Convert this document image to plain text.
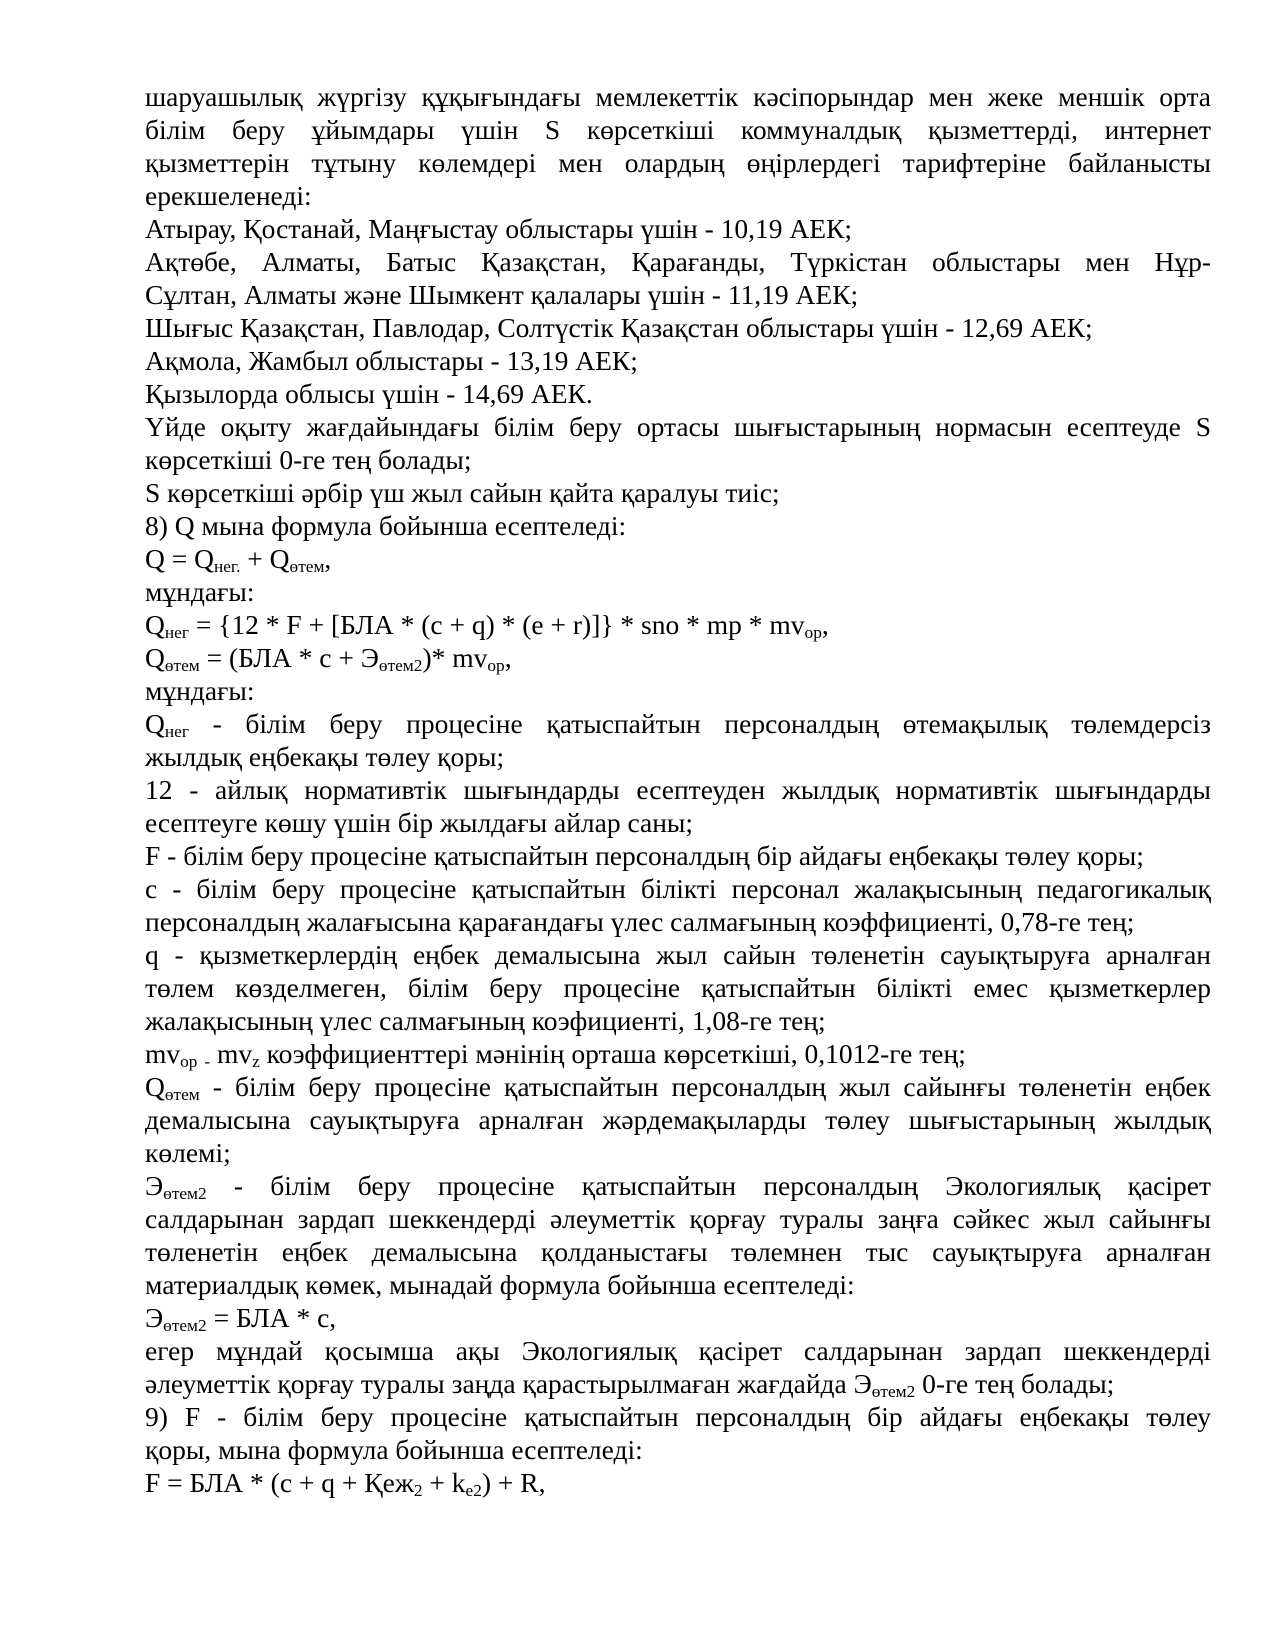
шаруашылық жүргізу құқығындағы мемлекеттік кәсіпорындар мен жеке меншік орта
білім беру ұйымдары үшін S көрсеткіші коммуналдық қызметтерді, интернет
қызметтерін тұтыну көлемдері мен олардың өңірлердегі тарифтеріне байланысты
ерекшеленеді:

Атырау, Қостанай, Маңғыстау облыстары үшін - 10,19 АЕК;

Ақтөбе, Алматы, Батыс Қазақстан, Қарағанды, Түркістан облыстары мен Нұр-
Сұлтан, Алматы және Шымкент қалалары үшін - 11,19 АЕК;

Шығыс Қазақстан, Павлодар, Солтүстік Қазақстан облыстары үшін - 12,69 АЕК;

Ақмола, Жамбыл облыстары - 13,19 АЕК;

Қызылорда облысы үшін - 14,69 АЕК.

Үйде оқыту жағдайындағы білім беру ортасы шығыстарының нормасын есептеуде S
көрсеткіші 0-ге тең болады;

S көрсеткіші әрбір үш жыл сайын қайта қаралуы тиіс;

8) Q мына формула бойынша есептеледі:

Q = Qнег. + Qөтем,

мұндағы:

Qнег = {12 * F + [БЛА * (c + q) * (e + r)]} * sno * mp * mvор,

Qөтем = (БЛА * c + Эөтем2)* mvор,

мұндағы:

Qнег - білім беру процесіне қатыспайтын персоналдың өтемақылық төлемдерсіз
жылдық еңбекақы төлеу қоры;

12 - айлық нормативтік шығындарды есептеуден жылдық нормативтік шығындарды
есептеуге көшу үшін бір жылдағы айлар саны;

F - білім беру процесіне қатыспайтын персоналдың бір айдағы еңбекақы төлеу қоры;

c - білім беру процесіне қатыспайтын білікті персонал жалақысының педагогикалық
персоналдың жалағысына қарағандағы үлес салмағының коэффициенті, 0,78-ге тең;

q - қызметкерлердің еңбек демалысына жыл сайын төленетін сауықтыруға арналған
төлем көзделмеген, білім беру процесіне қатыспайтын білікті емес қызметкерлер
жалақысының үлес салмағының коэфициенті, 1,08-ге тең;

mvор - mvz коэффициенттері мәнінің орташа көрсеткіші, 0,1012-ге тең;

Qөтем - білім беру процесіне қатыспайтын персоналдың жыл сайынғы төленетін еңбек
демалысына сауықтыруға арналған жәрдемақыларды төлеу шығыстарының жылдық
көлемі;

Эөтем2 - білім беру процесіне қатыспайтын персоналдың Экологиялық қасірет
салдарынан зардап шеккендерді әлеуметтік қорғау туралы заңға сәйкес жыл сайынғы
төленетін еңбек демалысына қолданыстағы төлемнен тыс сауықтыруға арналған
материалдық көмек, мынадай формула бойынша есептеледі:

Эөтем2 = БЛА * с,

егер мұндай қосымша ақы Экологиялық қасірет салдарынан зардап шеккендерді
әлеуметтік қорғау туралы заңда қарастырылмаған жағдайда Эөтем2 0-ге тең болады;

9) F - білім беру процесіне қатыспайтын персоналдың бір айдағы еңбекақы төлеу
қоры, мына формула бойынша есептеледі:

F = БЛА * (c + q + Қеж2 + ke2) + R,
